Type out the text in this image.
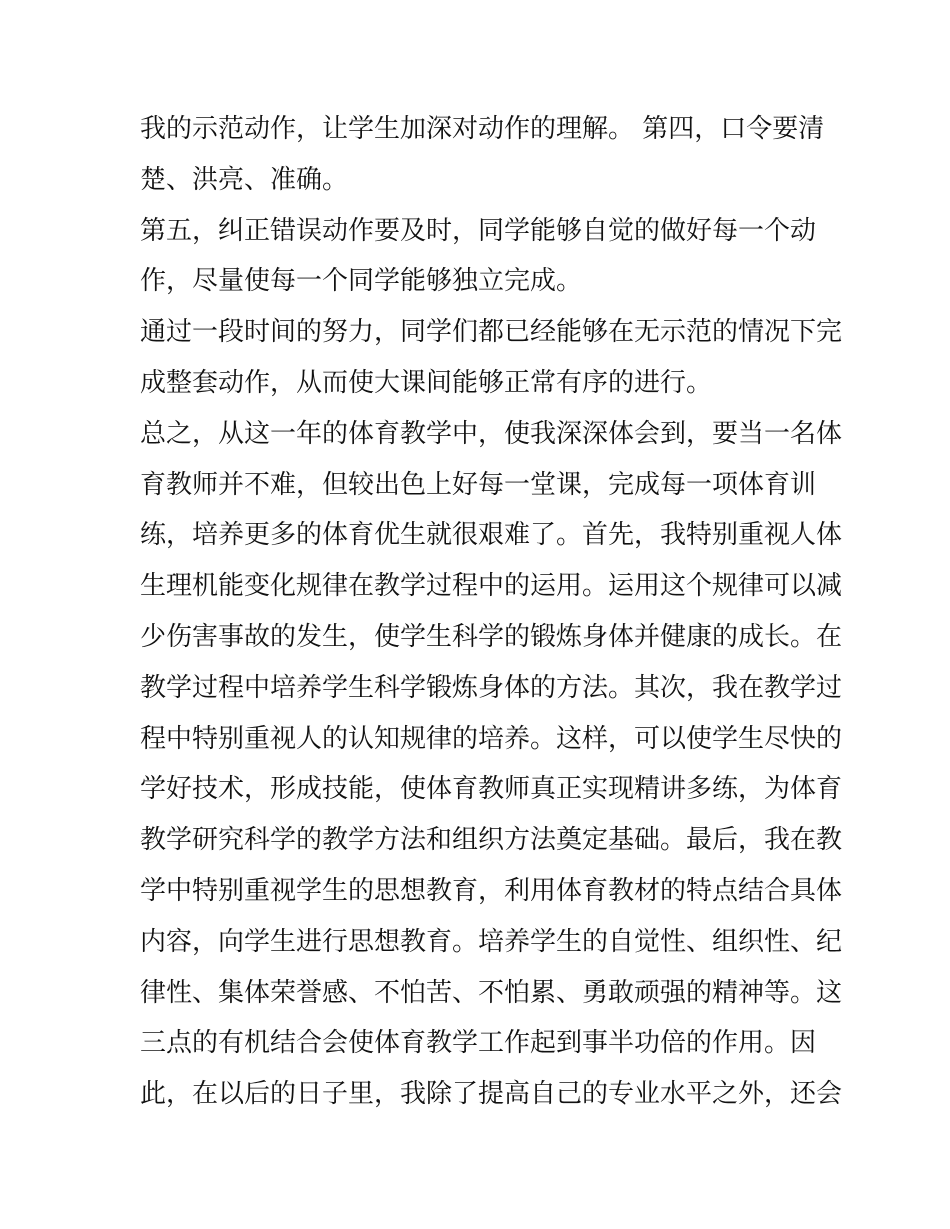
我的示范动作，让学生加深对动作的理解。 第四，口令要清
楚、洪亮、准确。
第五，纠正错误动作要及时，同学能够自觉的做好每一个动
作，尽量使每一个同学能够独立完成。
通过一段时间的努力，同学们都已经能够在无示范的情况下完
成整套动作，从而使大课间能够正常有序的进行。
总之，从这一年的体育教学中，使我深深体会到，要当一名体
育教师并不难，但较出色上好每一堂课，完成每一项体育训
练，培养更多的体育优生就很艰难了。首先，我特别重视人体
生理机能变化规律在教学过程中的运用。运用这个规律可以减
少伤害事故的发生，使学生科学的锻炼身体并健康的成长。在
教学过程中培养学生科学锻炼身体的方法。其次，我在教学过
程中特别重视人的认知规律的培养。这样，可以使学生尽快的
学好技术，形成技能，使体育教师真正实现精讲多练，为体育
教学研究科学的教学方法和组织方法奠定基础。最后，我在教
学中特别重视学生的思想教育，利用体育教材的特点结合具体
内容，向学生进行思想教育。培养学生的自觉性、组织性、纪
律性、集体荣誉感、不怕苦、不怕累、勇敢顽强的精神等。这
三点的有机结合会使体育教学工作起到事半功倍的作用。因
此，在以后的日子里，我除了提高自己的专业水平之外，还会
